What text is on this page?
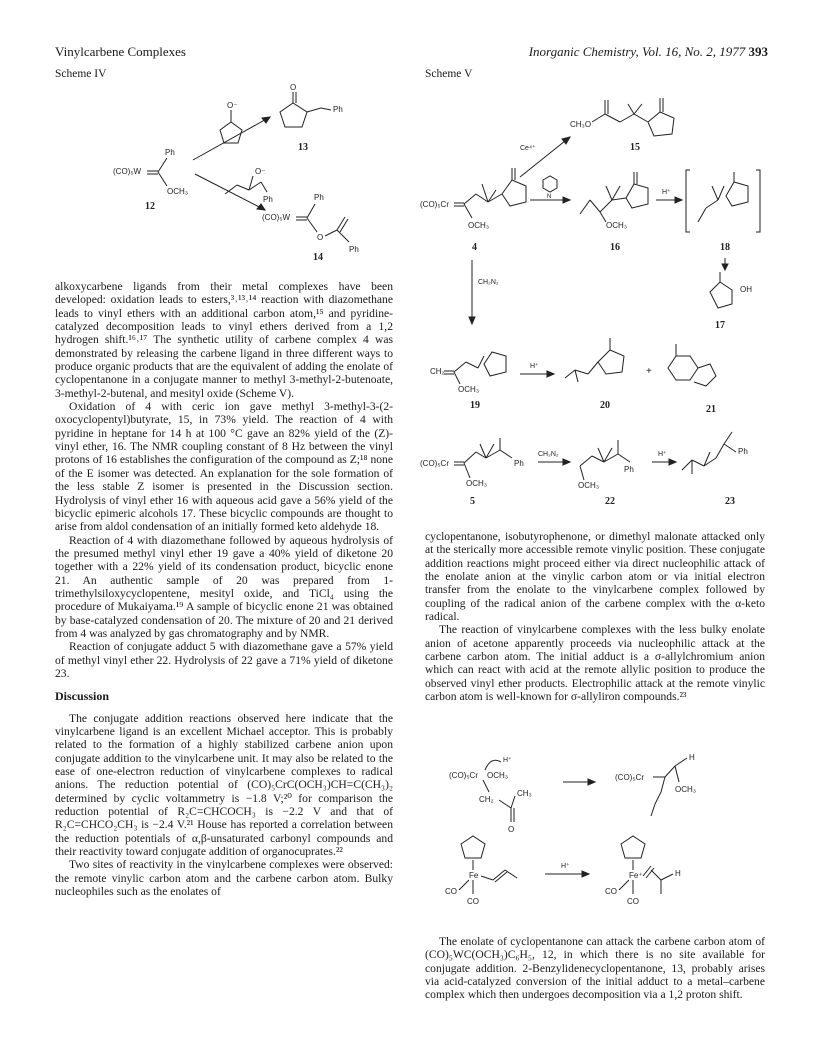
Vinylcarbene Complexes	Inorganic Chemistry, Vol. 16, No. 2, 1977 393
Scheme IV
(CO)₅W
Ph
OCH₃
12
O⁻
O⁻
Ph
O
Ph
13
(CO)₅W
Ph
O
Ph
14

alkoxycarbene ligands from their metal complexes have been developed: oxidation leads to esters,³˒¹³˒¹⁴ reaction with diazomethane leads to vinyl ethers with an additional carbon atom,¹⁵ and pyridine-catalyzed decomposition leads to vinyl ethers derived from a 1,2 hydrogen shift.¹⁶˒¹⁷ The synthetic utility of carbene complex 4 was demonstrated by releasing the carbene ligand in three different ways to produce organic products that are the equivalent of adding the enolate of cyclopentanone in a conjugate manner to methyl 3-methyl-2-butenoate, 3-methyl-2-butenal, and mesityl oxide (Scheme V).

Oxidation of 4 with ceric ion gave methyl 3-methyl-3-(2-oxocyclopentyl)butyrate, 15, in 73% yield. The reaction of 4 with pyridine in heptane for 14 h at 100 °C gave an 82% yield of the (Z)-vinyl ether, 16. The NMR coupling constant of 8 Hz between the vinyl protons of 16 establishes the configuration of the compound as Z;¹⁸ none of the E isomer was detected. An explanation for the sole formation of the less stable Z isomer is presented in the Discussion section. Hydrolysis of vinyl ether 16 with aqueous acid gave a 56% yield of the bicyclic epimeric alcohols 17. These bicyclic compounds are thought to arise from aldol condensation of an initially formed keto aldehyde 18.

Reaction of 4 with diazomethane followed by aqueous hydrolysis of the presumed methyl vinyl ether 19 gave a 40% yield of diketone 20 together with a 22% yield of its condensation product, bicyclic enone 21. An authentic sample of 20 was prepared from 1-trimethylsiloxycyclopentene, mesityl oxide, and TiCl₄ using the procedure of Mukaiyama.¹⁹ A sample of bicyclic enone 21 was obtained by base-catalyzed condensation of 20. The mixture of 20 and 21 derived from 4 was analyzed by gas chromatography and by NMR.

Reaction of conjugate adduct 5 with diazomethane gave a 57% yield of methyl vinyl ether 22. Hydrolysis of 22 gave a 71% yield of diketone 23.

Discussion

The conjugate addition reactions observed here indicate that the vinylcarbene ligand is an excellent Michael acceptor. This is probably related to the formation of a highly stabilized carbene anion upon conjugate addition to the vinylcarbene unit. It may also be related to the ease of one-electron reduction of vinylcarbene complexes to radical anions. The reduction potential of (CO)₅CrC(OCH₃)CH=C(CH₃)₂ determined by cyclic voltammetry is −1.8 V;²⁰ for comparison the reduction potential of R₂C=CHCOCH₃ is −2.2 V and that of R₂C=CHCO₂CH₃ is −2.4 V.²¹ House has reported a correlation between the reduction potentials of α,β-unsaturated carbonyl compounds and their reactivity toward conjugate addition of organocuprates.²²

Two sites of reactivity in the vinylcarbene complexes were observed: the remote vinylic carbon atom and the carbene carbon atom. Bulky nucleophiles such as the enolates of

Scheme V
CH₃O
15
Ce⁴⁺
(CO)₅Cr
OCH₃
4
N
OCH₃
16
H⁺
18
OH
17
CH₂N₂
CH₂
OCH₃
19
H⁺
20
+
21
(CO)₅Cr	Ph
OCH₃
5
CH₂N₂
Ph
OCH₃
22
H⁺	Ph
23

cyclopentanone, isobutyrophenone, or dimethyl malonate attacked only at the sterically more accessible remote vinylic position. These conjugate addition reactions might proceed either via direct nucleophilic attack of the enolate anion at the vinylic carbon atom or via initial electron transfer from the enolate to the vinylcarbene complex followed by coupling of the radical anion of the carbene complex with the α-keto radical.

The reaction of vinylcarbene complexes with the less bulky enolate anion of acetone apparently proceeds via nucleophilic attack at the carbene carbon atom. The initial adduct is a σ-allylchromium anion which can react with acid at the remote allylic position to produce the observed vinyl ether products. Electrophilic attack at the remote vinylic carbon atom is well-known for σ-allyliron compounds.²³

(CO)₅Cr OCH₃
H⁺
CH₂
CH₃
O
(CO)₅Cr
H
OCH₃
Fe
CO
CO
H⁺
Fe⁺
CO
CO
H

The enolate of cyclopentanone can attack the carbene carbon atom of (CO)₅WC(OCH₃)C₆H₅, 12, in which there is no site available for conjugate addition. 2-Benzylidenecyclopentanone, 13, probably arises via acid-catalyzed conversion of the initial adduct to a metal–carbene complex which then undergoes decomposition via a 1,2 proton shift.
